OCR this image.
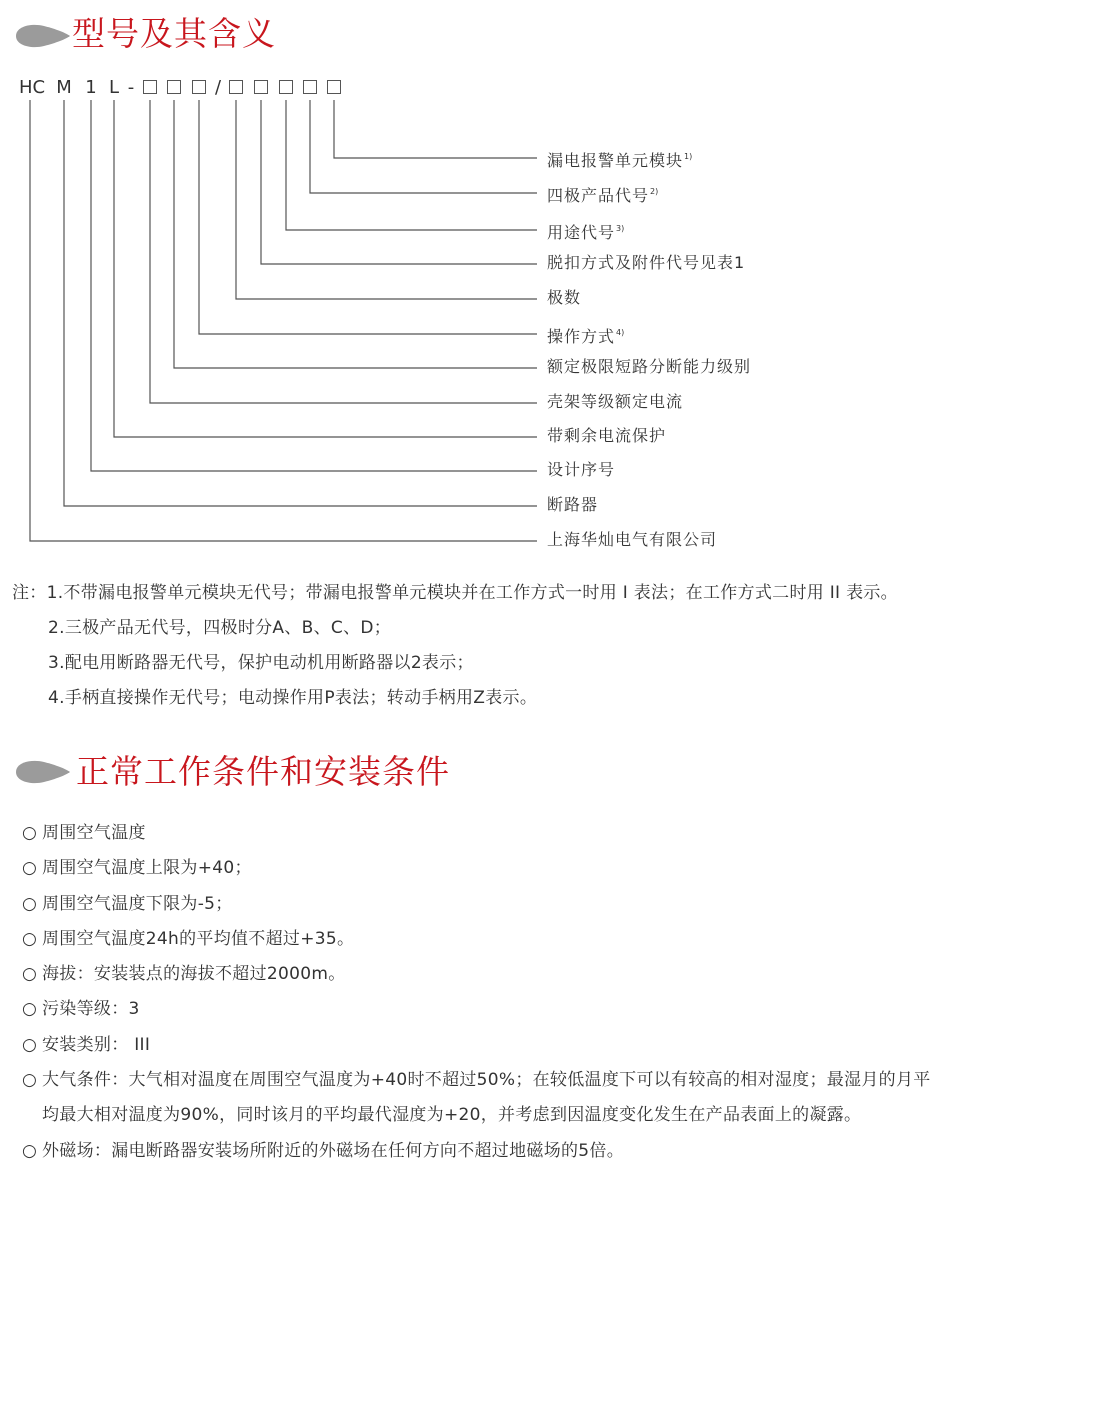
型号及其含义
HC M 1 L -	/
漏电报警单元模块$^{1)}$
四极产品代号$^{2)}$
用途代号$^{3)}$
脱扣方式及附件代号见表1
极数
操作方式$^{4)}$
额定极限短路分断能力级别
壳架等级额定电流
带剩余电流保护
设计序号
断路器
上海华灿电气有限公司
注：1.不带漏电报警单元模块无代号；带漏电报警单元模块并在工作方式一时用 I 表法；在工作方式二时用 II 表示。
2.三极产品无代号，四极时分A、B、C、D；
3.配电用断路器无代号，保护电动机用断路器以2表示；
4.手柄直接操作无代号；电动操作用P表法；转动手柄用Z表示。
正常工作条件和安装条件
○ 周围空气温度
○ 周围空气温度上限为+40；
○ 周围空气温度下限为-5；
○ 周围空气温度24h的平均值不超过+35。
○ 海拔：安装装点的海拔不超过2000m。
○ 污染等级：3
○ 安装类别： III
○ 大气条件：大气相对温度在周围空气温度为+40时不超过50%；在较低温度下可以有较高的相对湿度；最湿月的月平
均最大相对温度为90%，同时该月的平均最代湿度为+20，并考虑到因温度变化发生在产品表面上的凝露。
○ 外磁场：漏电断路器安装场所附近的外磁场在任何方向不超过地磁场的5倍。
